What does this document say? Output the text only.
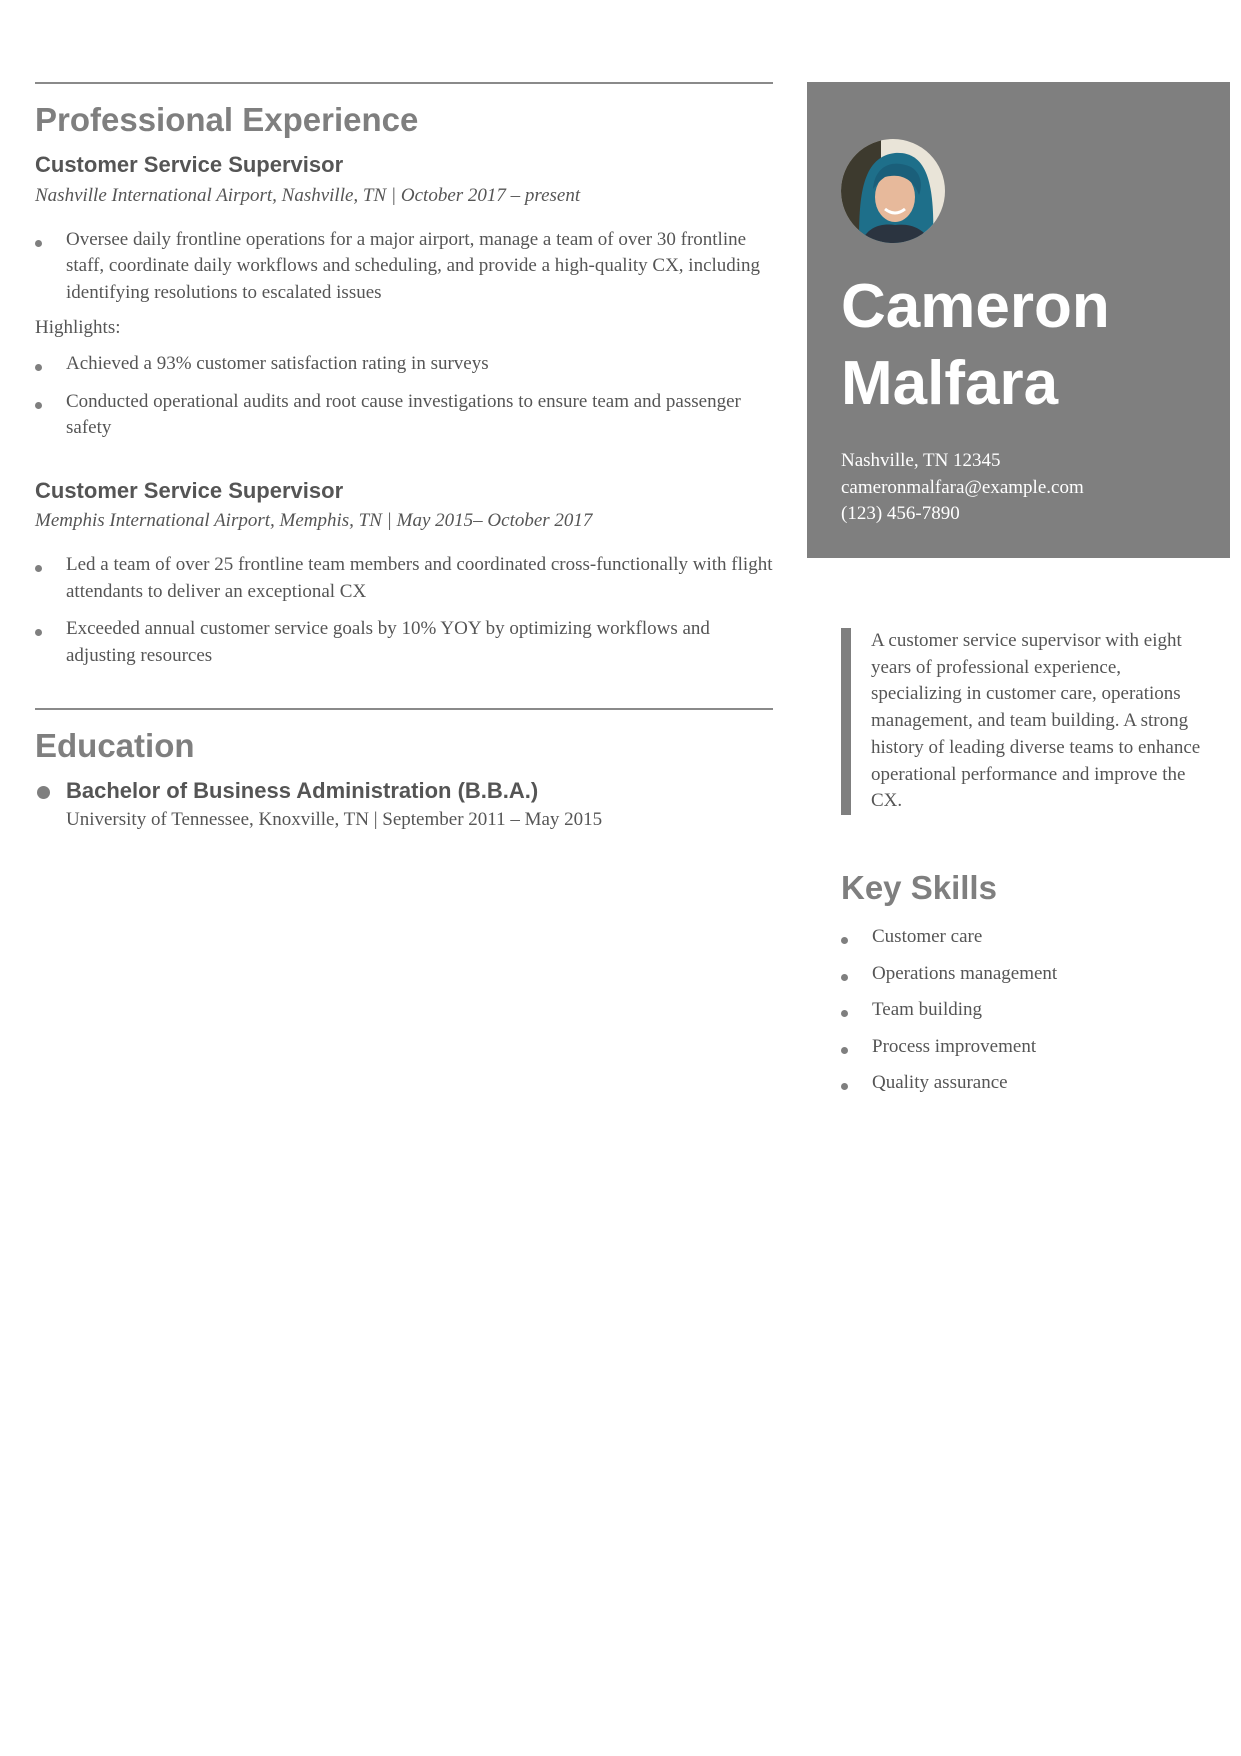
Professional Experience
Customer Service Supervisor
Nashville International Airport, Nashville, TN | October 2017 – present
Oversee daily frontline operations for a major airport, manage a team of over 30 frontline staff, coordinate daily workflows and scheduling, and provide a high-quality CX, including identifying resolutions to escalated issues
Highlights:
Achieved a 93% customer satisfaction rating in surveys
Conducted operational audits and root cause investigations to ensure team and passenger safety
Customer Service Supervisor
Memphis International Airport, Memphis, TN | May 2015– October 2017
Led a team of over 25 frontline team members and coordinated cross-functionally with flight attendants to deliver an exceptional CX
Exceeded annual customer service goals by 10% YOY by optimizing workflows and adjusting resources
Education
Bachelor of Business Administration (B.B.A.)
University of Tennessee, Knoxville, TN | September 2011 – May 2015
Cameron
Malfara
Nashville, TN 12345
cameronmalfara@example.com
(123) 456-7890
A customer service supervisor with eight years of professional experience, specializing in customer care, operations management, and team building. A strong history of leading diverse teams to enhance operational performance and improve the CX.
Key Skills
Customer care
Operations management
Team building
Process improvement
Quality assurance
